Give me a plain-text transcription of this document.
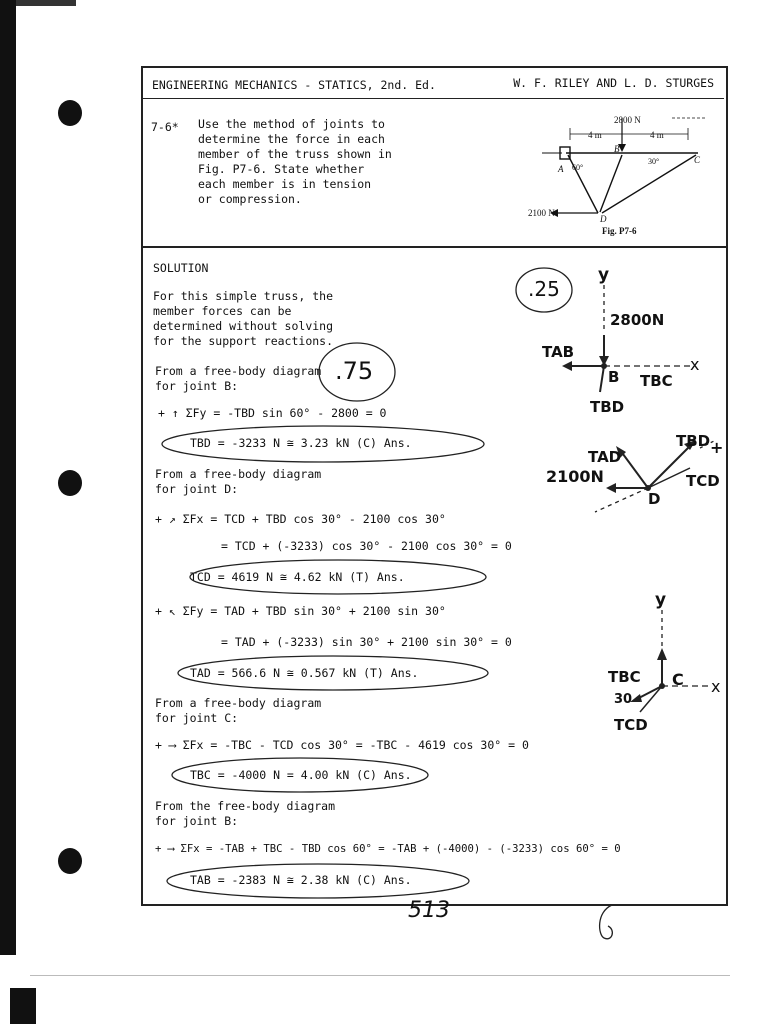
ENGINEERING MECHANICS - STATICS, 2nd. Ed.	W. F. RILEY AND L. D. STURGES
7-6* Use the method of joints to
determine the force in each
member of the truss shown in
Fig. P7-6. State whether
each member is in tension
or compression.
2800 N
4 m	4 m
A
B
C
D
60°
30°
2100 N
Fig. P7-6
SOLUTION
For this simple truss, the
member forces can be
determined without solving
for the support reactions.
From a free-body diagram
for joint B:
+ ↑ ΣFy = -TBD sin 60° - 2800 = 0
TBD = -3233 N ≅ 3.23 kN (C) Ans.
From a free-body diagram
for joint D:
+ ↗ ΣFx = TCD + TBD cos 30° - 2100 cos 30°
= TCD + (-3233) cos 30° - 2100 cos 30° = 0
TCD = 4619 N ≅ 4.62 kN (T) Ans.
+ ↖ ΣFy = TAD + TBD sin 30° + 2100 sin 30°
= TAD + (-3233) sin 30° + 2100 sin 30° = 0
TAD = 566.6 N ≅ 0.567 kN (T) Ans.
From a free-body diagram
for joint C:
+ ⟶ ΣFx = -TBC - TCD cos 30° = -TBC - 4619 cos 30° = 0
TBC = -4000 N = 4.00 kN (C) Ans.
From the free-body diagram
for joint B:
+ ⟶ ΣFx = -TAB + TBC - TBD cos 60° = -TAB + (-4000) - (-3233) cos 60° = 0
TAB = -2383 N ≅ 2.38 kN (C) Ans.
.25
.75
y
2800N
TAB
B TBC
x
TBD
TAD
TBD +
TCD
2100N
D
y
TBC C x
30
TCD
513
